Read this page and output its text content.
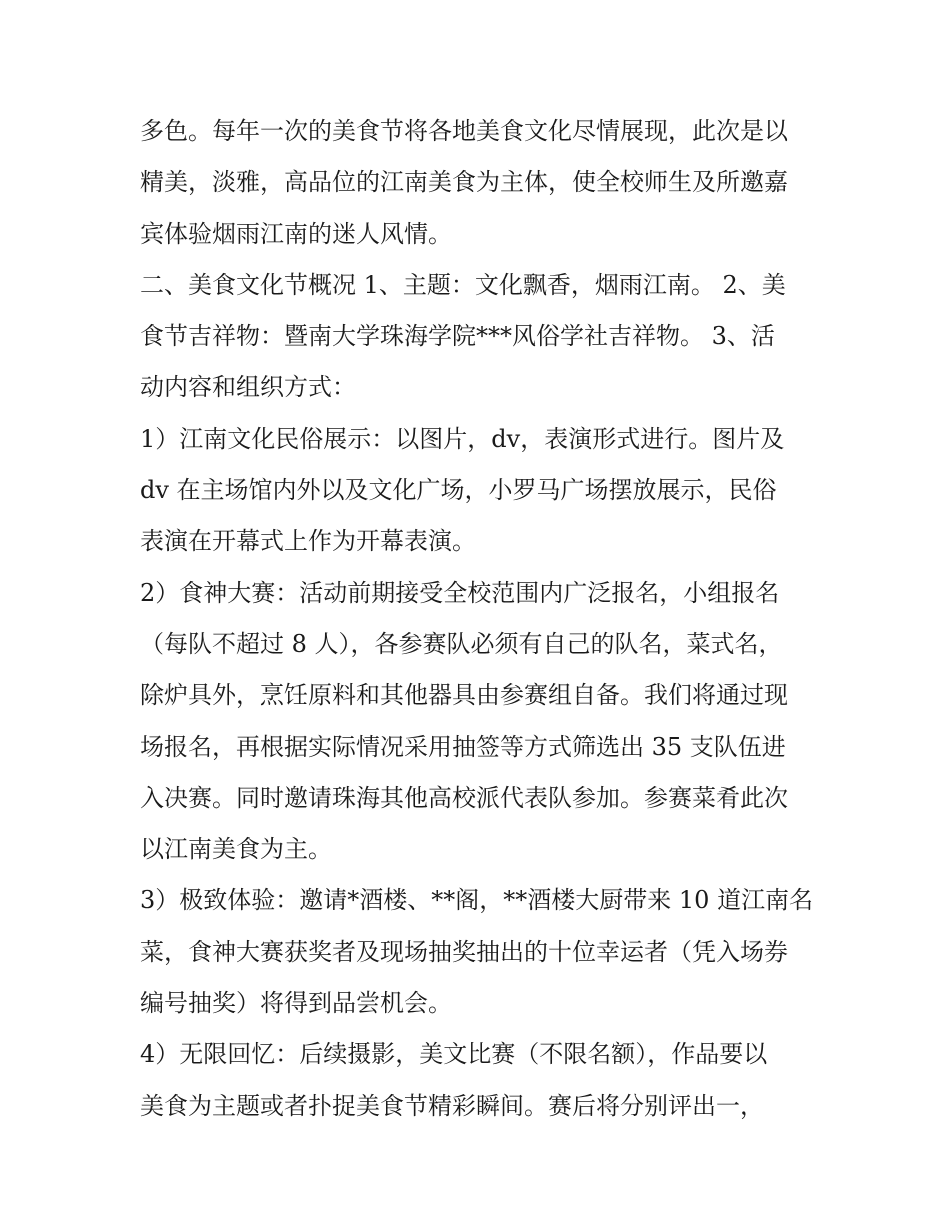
多色。每年一次的美食节将各地美食文化尽情展现，此次是以
精美，淡雅，高品位的江南美食为主体，使全校师生及所邀嘉
宾体验烟雨江南的迷人风情。
二、美食文化节概况 1、主题：文化飘香，烟雨江南。 2、美
食节吉祥物：暨南大学珠海学院***风俗学社吉祥物。 3、活
动内容和组织方式：
1）江南文化民俗展示：以图片，dv，表演形式进行。图片及
dv 在主场馆内外以及文化广场，小罗马广场摆放展示，民俗
表演在开幕式上作为开幕表演。
2）食神大赛：活动前期接受全校范围内广泛报名，小组报名
（每队不超过 8 人），各参赛队必须有自己的队名，菜式名，
除炉具外，烹饪原料和其他器具由参赛组自备。我们将通过现
场报名，再根据实际情况采用抽签等方式筛选出 35 支队伍进
入决赛。同时邀请珠海其他高校派代表队参加。参赛菜肴此次
以江南美食为主。
3）极致体验：邀请*酒楼、**阁，**酒楼大厨带来 10 道江南名
菜，食神大赛获奖者及现场抽奖抽出的十位幸运者（凭入场券
编号抽奖）将得到品尝机会。
4）无限回忆：后续摄影，美文比赛（不限名额），作品要以
美食为主题或者扑捉美食节精彩瞬间。赛后将分别评出一，
